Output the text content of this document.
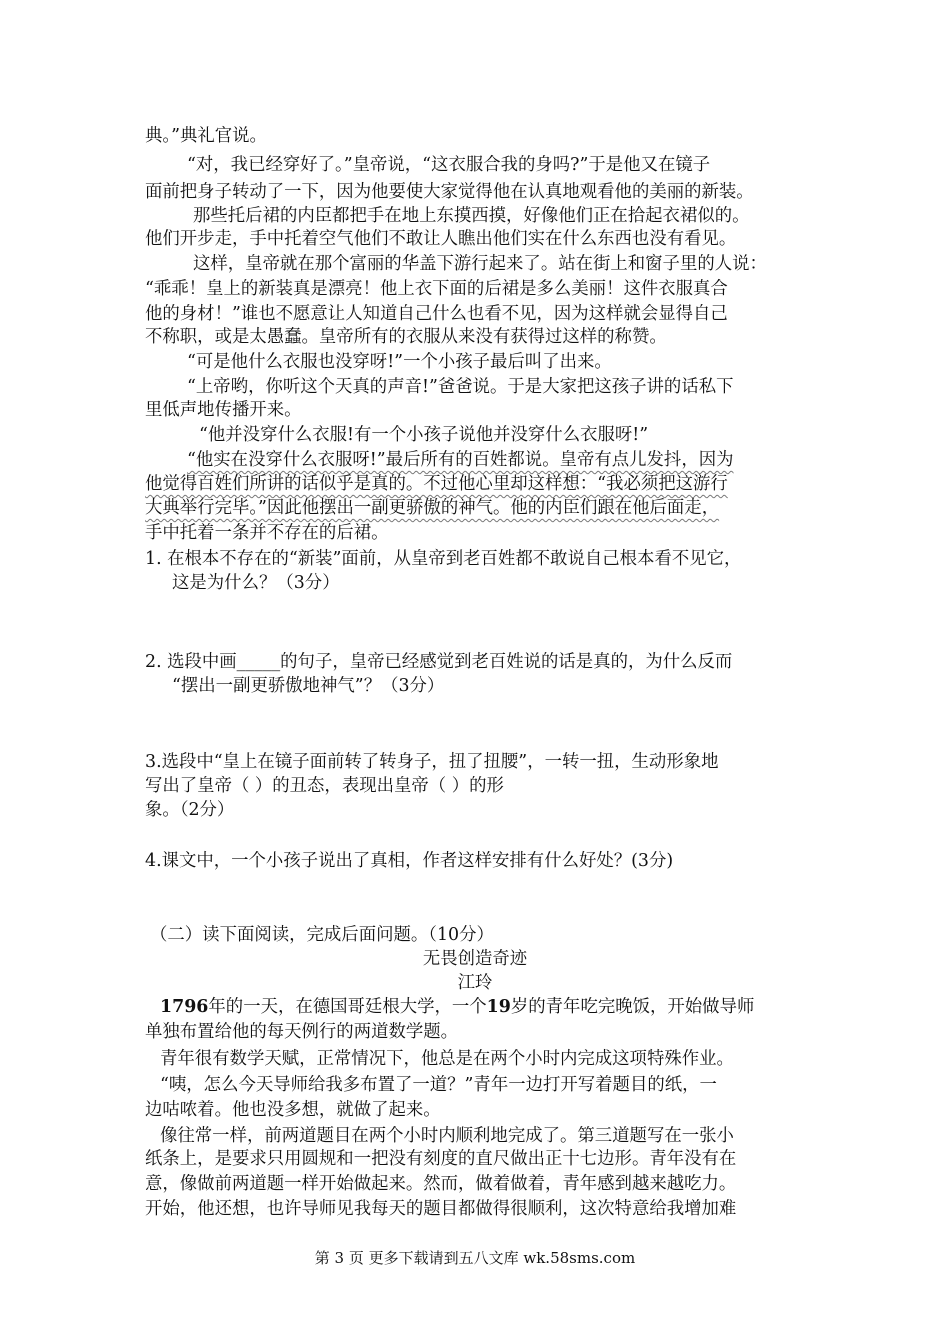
典。”典礼官说。
“对，我已经穿好了。”皇帝说，“这衣服合我的身吗?”于是他又在镜子
面前把身子转动了一下，因为他要使大家觉得他在认真地观看他的美丽的新装。
那些托后裙的内臣都把手在地上东摸西摸，好像他们正在拾起衣裙似的。
他们开步走，手中托着空气他们不敢让人瞧出他们实在什么东西也没有看见。
这样，皇帝就在那个富丽的华盖下游行起来了。站在街上和窗子里的人说：
“乖乖！皇上的新装真是漂亮！他上衣下面的后裙是多么美丽！这件衣服真合
他的身材！”谁也不愿意让人知道自己什么也看不见，因为这样就会显得自己
不称职，或是太愚蠢。皇帝所有的衣服从来没有获得过这样的称赞。
“可是他什么衣服也没穿呀!”一个小孩子最后叫了出来。
“上帝哟，你听这个天真的声音!”爸爸说。于是大家把这孩子讲的话私下
里低声地传播开来。
“他并没穿什么衣服!有一个小孩子说他并没穿什么衣服呀!”
“他实在没穿什么衣服呀!”最后所有的百姓都说。皇帝有点儿发抖，因为
他觉得百姓们所讲的话似乎是真的。不过他心里却这样想：“我必须把这游行
大典举行完毕。”因此他摆出一副更骄傲的神气。他的内臣们跟在他后面走，
手中托着一条并不存在的后裙。
1. 在根本不存在的“新装”面前，从皇帝到老百姓都不敢说自己根本看不见它，
这是为什么？（3分）
2. 选段中画_____的句子，皇帝已经感觉到老百姓说的话是真的，为什么反而
“摆出一副更骄傲地神气”？（3分）
3.选段中“皇上在镜子面前转了转身子，扭了扭腰”，一转一扭，生动形象地
写出了皇帝（ ）的丑态，表现出皇帝（ ）的形
象。（2分）
4.课文中，一个小孩子说出了真相，作者这样安排有什么好处？(3分)
（二）读下面阅读，完成后面问题。（10分）
无畏创造奇迹
江玲
1796年的一天，在德国哥廷根大学，一个19岁的青年吃完晚饭，开始做导师
单独布置给他的每天例行的两道数学题。
青年很有数学天赋，正常情况下，他总是在两个小时内完成这项特殊作业。
“咦，怎么今天导师给我多布置了一道？”青年一边打开写着题目的纸，一
边咕哝着。他也没多想，就做了起来。
像往常一样，前两道题目在两个小时内顺利地完成了。第三道题写在一张小
纸条上，是要求只用圆规和一把没有刻度的直尺做出正十七边形。青年没有在
意，像做前两道题一样开始做起来。然而，做着做着，青年感到越来越吃力。
开始，他还想，也许导师见我每天的题目都做得很顺利，这次特意给我增加难
第 3 页 更多下载请到五八文库 wk.58sms.com
